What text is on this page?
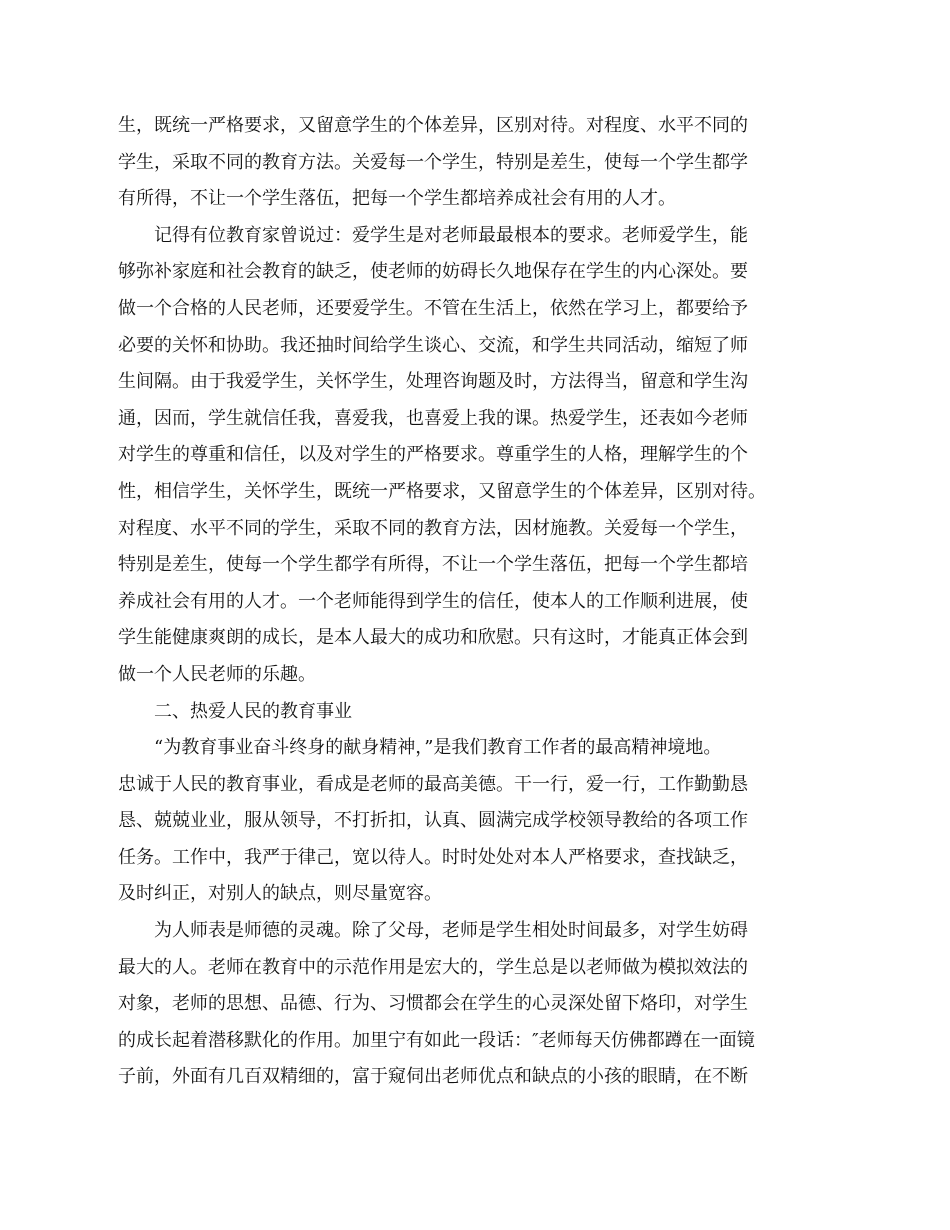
生，既统一严格要求，又留意学生的个体差异，区别对待。对程度、水平不同的
学生，采取不同的教育方法。关爱每一个学生，特别是差生，使每一个学生都学
有所得，不让一个学生落伍，把每一个学生都培养成社会有用的人才。

记得有位教育家曾说过：爱学生是对老师最最根本的要求。老师爱学生，能
够弥补家庭和社会教育的缺乏，使老师的妨碍长久地保存在学生的内心深处。要
做一个合格的人民老师，还要爱学生。不管在生活上，依然在学习上，都要给予
必要的关怀和协助。我还抽时间给学生谈心、交流，和学生共同活动，缩短了师
生间隔。由于我爱学生，关怀学生，处理咨询题及时，方法得当，留意和学生沟
通，因而，学生就信任我，喜爱我，也喜爱上我的课。热爱学生，还表如今老师
对学生的尊重和信任，以及对学生的严格要求。尊重学生的人格，理解学生的个
性，相信学生，关怀学生，既统一严格要求，又留意学生的个体差异，区别对待。
对程度、水平不同的学生，采取不同的教育方法，因材施教。关爱每一个学生，
特别是差生，使每一个学生都学有所得，不让一个学生落伍，把每一个学生都培
养成社会有用的人才。一个老师能得到学生的信任，使本人的工作顺利进展，使
学生能健康爽朗的成长，是本人最大的成功和欣慰。只有这时，才能真正体会到
做一个人民老师的乐趣。

二、热爱人民的教育事业

“为教育事业奋斗终身的献身精神，”是我们教育工作者的最高精神境地。
忠诚于人民的教育事业，看成是老师的最高美德。干一行，爱一行，工作勤勤恳
恳、兢兢业业，服从领导，不打折扣，认真、圆满完成学校领导教给的各项工作
任务。工作中，我严于律己，宽以待人。时时处处对本人严格要求，查找缺乏，
及时纠正，对别人的缺点，则尽量宽容。

为人师表是师德的灵魂。除了父母，老师是学生相处时间最多，对学生妨碍
最大的人。老师在教育中的示范作用是宏大的，学生总是以老师做为模拟效法的
对象，老师的思想、品德、行为、习惯都会在学生的心灵深处留下烙印，对学生
的成长起着潜移默化的作用。加里宁有如此一段话：″老师每天仿佛都蹲在一面镜
子前，外面有几百双精细的，富于窥伺出老师优点和缺点的小孩的眼睛，在不断
